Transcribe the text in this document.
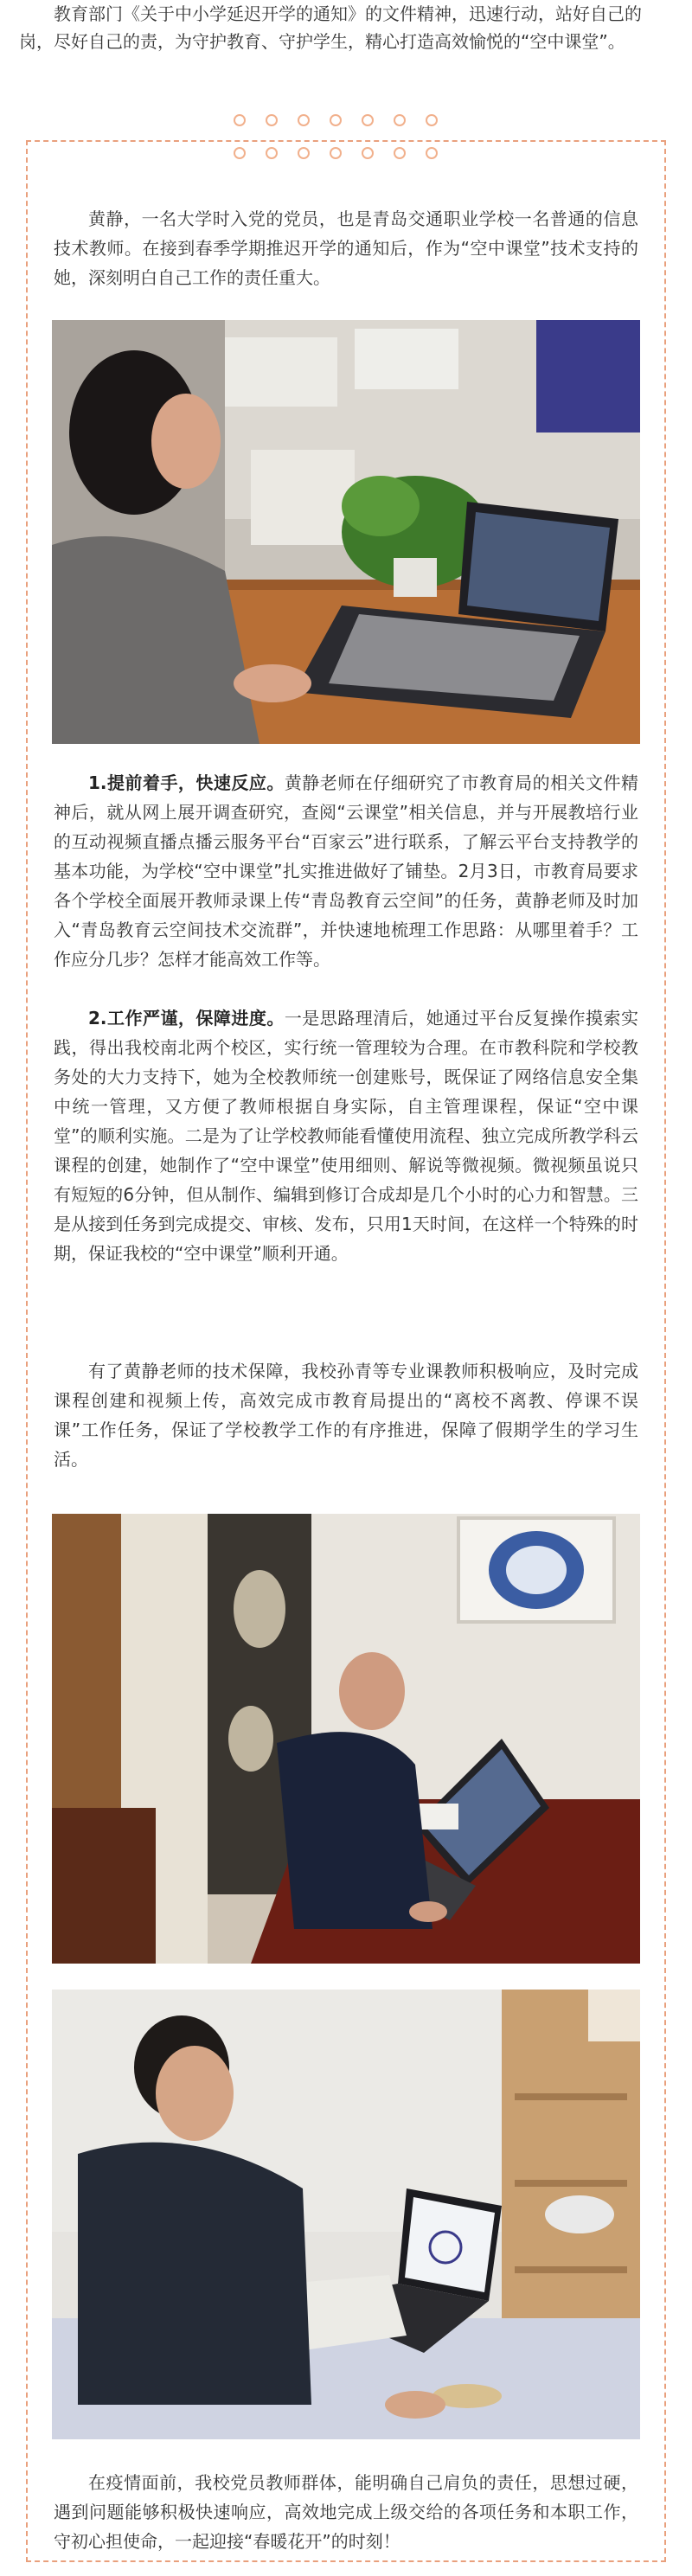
教育部门《关于中小学延迟开学的通知》的文件精神，迅速行动，站好自己的岗，尽好自己的责，为守护教育、守护学生，精心打造高效愉悦的“空中课堂”。

黄静，一名大学时入党的党员，也是青岛交通职业学校一名普通的信息技术教师。在接到春季学期推迟开学的通知后，作为“空中课堂”技术支持的她，深刻明白自己工作的责任重大。

1.提前着手，快速反应。黄静老师在仔细研究了市教育局的相关文件精神后，就从网上展开调查研究，查阅“云课堂”相关信息，并与开展教培行业的互动视频直播点播云服务平台“百家云”进行联系，了解云平台支持教学的基本功能，为学校“空中课堂”扎实推进做好了铺垫。2月3日，市教育局要求各个学校全面展开教师录课上传“青岛教育云空间”的任务，黄静老师及时加入“青岛教育云空间技术交流群”，并快速地梳理工作思路：从哪里着手？工作应分几步？怎样才能高效工作等。

2.工作严谨，保障进度。一是思路理清后，她通过平台反复操作摸索实践，得出我校南北两个校区，实行统一管理较为合理。在市教科院和学校教务处的大力支持下，她为全校教师统一创建账号，既保证了网络信息安全集中统一管理，又方便了教师根据自身实际，自主管理课程，保证“空中课堂”的顺利实施。二是为了让学校教师能看懂使用流程、独立完成所教学科云课程的创建，她制作了“空中课堂”使用细则、解说等微视频。微视频虽说只有短短的6分钟，但从制作、编辑到修订合成却是几个小时的心力和智慧。三是从接到任务到完成提交、审核、发布，只用1天时间，在这样一个特殊的时期，保证我校的“空中课堂”顺利开通。

有了黄静老师的技术保障，我校孙青等专业课教师积极响应，及时完成课程创建和视频上传，高效完成市教育局提出的“离校不离教、停课不误课”工作任务，保证了学校教学工作的有序推进，保障了假期学生的学习生活。

在疫情面前，我校党员教师群体，能明确自己肩负的责任，思想过硬，遇到问题能够积极快速响应，高效地完成上级交给的各项任务和本职工作，守初心担使命，一起迎接“春暖花开”的时刻！
